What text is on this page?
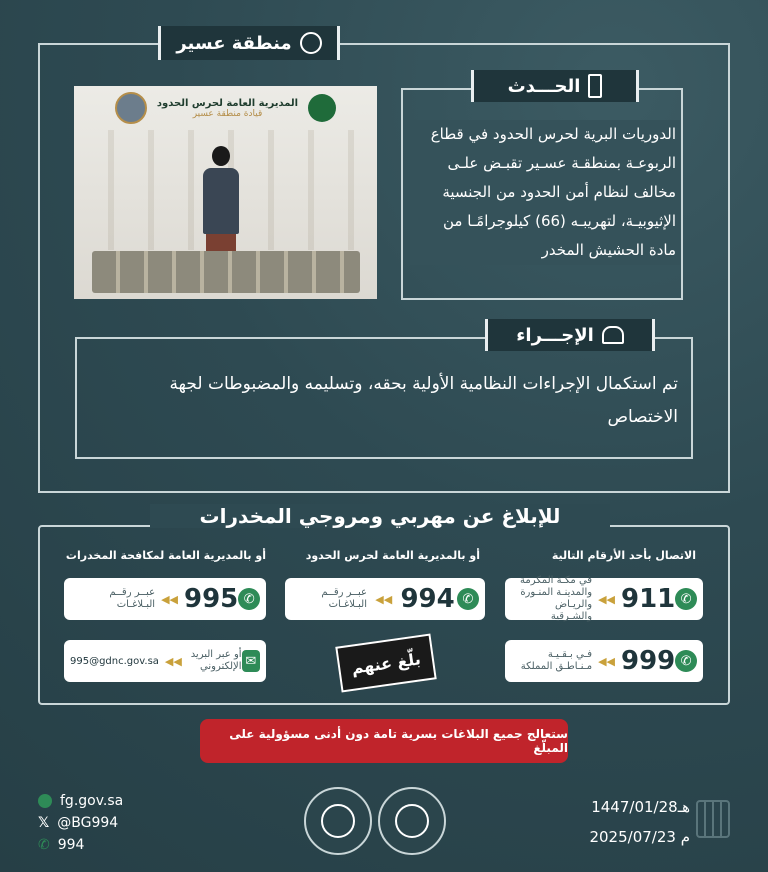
منطقة عسير
المديرية العامة لحرس الحدود
قيادة منطقة عسير
الحـــدث
الدوريات البرية لحرس الحدود في قطاع
الربوعـة بمنطقـة عسـير تقبـض علـى
مخالف لنظام أمن الحدود من الجنسية
الإثيوبيـة، لتهريبـه (66) كيلوجرامًـا من
مادة الحشيش المخدر
الإجـــراء
تم استكمال الإجراءات النظامية الأولية بحقه، وتسليمه والمضبوطات لجهة
الاختصاص
للإبلاغ عن مهربي ومروجي المخدرات
الاتصال بأحد الأرقام التالية
أو بالمديرية العامة لحرس الحدود
أو بالمديرية العامة لمكافحة المخدرات
في مكـة المكرمة والمدينـة المنـورة والريـاض والشـرقية
◀◀ 911 ✆
فـي بـقـيـة مـنـاطـق المملكة ◀◀ 999 ✆
عبــر رقــم البـلاغـات ◀◀ 994 ✆
عبــر رقــم البـلاغـات ◀◀ 995 ✆
995@gdnc.gov.sa ◀◀ أو عبر البريد الإلكتروني ✉	بلّغ عنهم
ستعالج جميع البلاغات بسرية تامة دون أدنى مسؤولية على المبلّغ
fg.gov.sa
𝕏 @BG994
✆ 994
1447/01/28هـ
2025/07/23 م
